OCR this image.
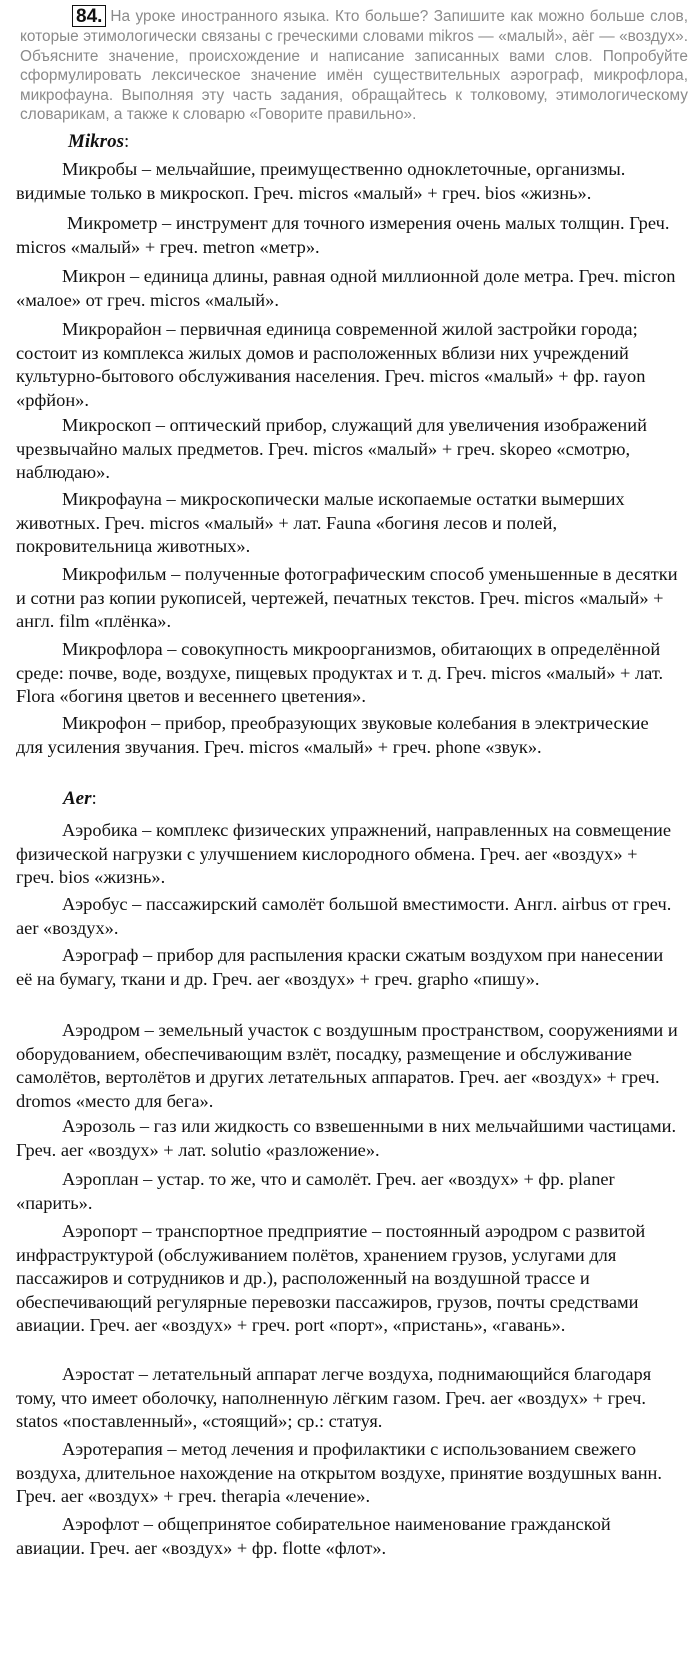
84. На уроке иностранного языка. Кто больше? Запишите как можно больше слов, которые этимологически связаны с греческими словами mikros — «малый», aёг — «воздух». Объясните значение, происхождение и написание записанных вами слов. Попробуйте сформулировать лексическое значение имён существительных аэрограф, микрофлора, микрофауна. Выполняя эту часть задания, обращайтесь к толковому, этимологическому словарикам, а также к словарю «Говорите правильно».
Mikros:

Микробы – мельчайшие, преимущественно одноклеточные, организмы. видимые только в микроскоп. Греч. micros «малый» + греч. bios «жизнь».

Микрометр – инструмент для точного измерения очень малых толщин. Греч. micros «малый» + греч. metron «метр».

Микрон – единица длины, равная одной миллионной доле метра. Греч. micron «малое» от греч. micros «малый».

Микрорайон – первичная единица современной жилой застройки города; состоит из комплекса жилых домов и расположенных вблизи них учреждений культурно-бытового обслуживания населения. Греч. micros «малый» + фр. rayon «рфйон».

Микроскоп – оптический прибор, служащий для увеличения изображений чрезвычайно малых предметов. Греч. micros «малый» + греч. skopeo «смотрю, наблюдаю».

Микрофауна – микроскопически малые ископаемые остатки вымерших животных. Греч. micros «малый» + лат. Fauna «богиня лесов и полей, покровительница животных».

Микрофильм – полученные фотографическим способ уменьшенные в десятки и сотни раз копии рукописей, чертежей, печатных текстов. Греч. micros «малый» + англ. film «плёнка».

Микрофлора – совокупность микроорганизмов, обитающих в определённой среде: почве, воде, воздухе, пищевых продуктах и т. д. Греч. micros «малый» + лат. Flora «богиня цветов и весеннего цветения».

Микрофон – прибор, преобразующих звуковые колебания в электрические для усиления звучания. Греч. micros «малый» + греч. phone «звук».

Aer:

Аэробика – комплекс физических упражнений, направленных на совмещение физической нагрузки с улучшением кислородного обмена. Греч. aer «воздух» + греч. bios «жизнь».

Аэробус – пассажирский самолёт большой вместимости. Англ. airbus от греч. aer «воздух».

Аэрограф – прибор для распыления краски сжатым воздухом при нанесении её на бумагу, ткани и др. Греч. aer «воздух» + греч. grapho «пишу».

Аэродром – земельный участок с воздушным пространством, сооружениями и оборудованием, обеспечивающим взлёт, посадку, размещение и обслуживание самолётов, вертолётов и других летательных аппаратов. Греч. aer «воздух» + греч. dromos «место для бега».

Аэрозоль – газ или жидкость со взвешенными в них мельчайшими частицами. Греч. aer «воздух» + лат. solutio «разложение».

Аэроплан – устар. то же, что и самолёт. Греч. aer «воздух» + фр. planer «парить».

Аэропорт – транспортное предприятие – постоянный аэродром с развитой инфраструктурой (обслуживанием полётов, хранением грузов, услугами для пассажиров и сотрудников и др.), расположенный на воздушной трассе и обеспечивающий регулярные перевозки пассажиров, грузов, почты средствами авиации. Греч. aer «воздух» + греч. port «порт», «пристань», «гавань».

Аэростат – летательный аппарат легче воздуха, поднимающийся благодаря тому, что имеет оболочку, наполненную лёгким газом. Греч. aer «воздух» + греч. statos «поставленный», «стоящий»; ср.: статуя.

Аэротерапия – метод лечения и профилактики с использованием свежего воздуха, длительное нахождение на открытом воздухе, принятие воздушных ванн. Греч. aer «воздух» + греч. therapia «лечение».

Аэрофлот – общепринятое собирательное наименование гражданской авиации. Греч. aer «воздух» + фр. flotte «флот».
